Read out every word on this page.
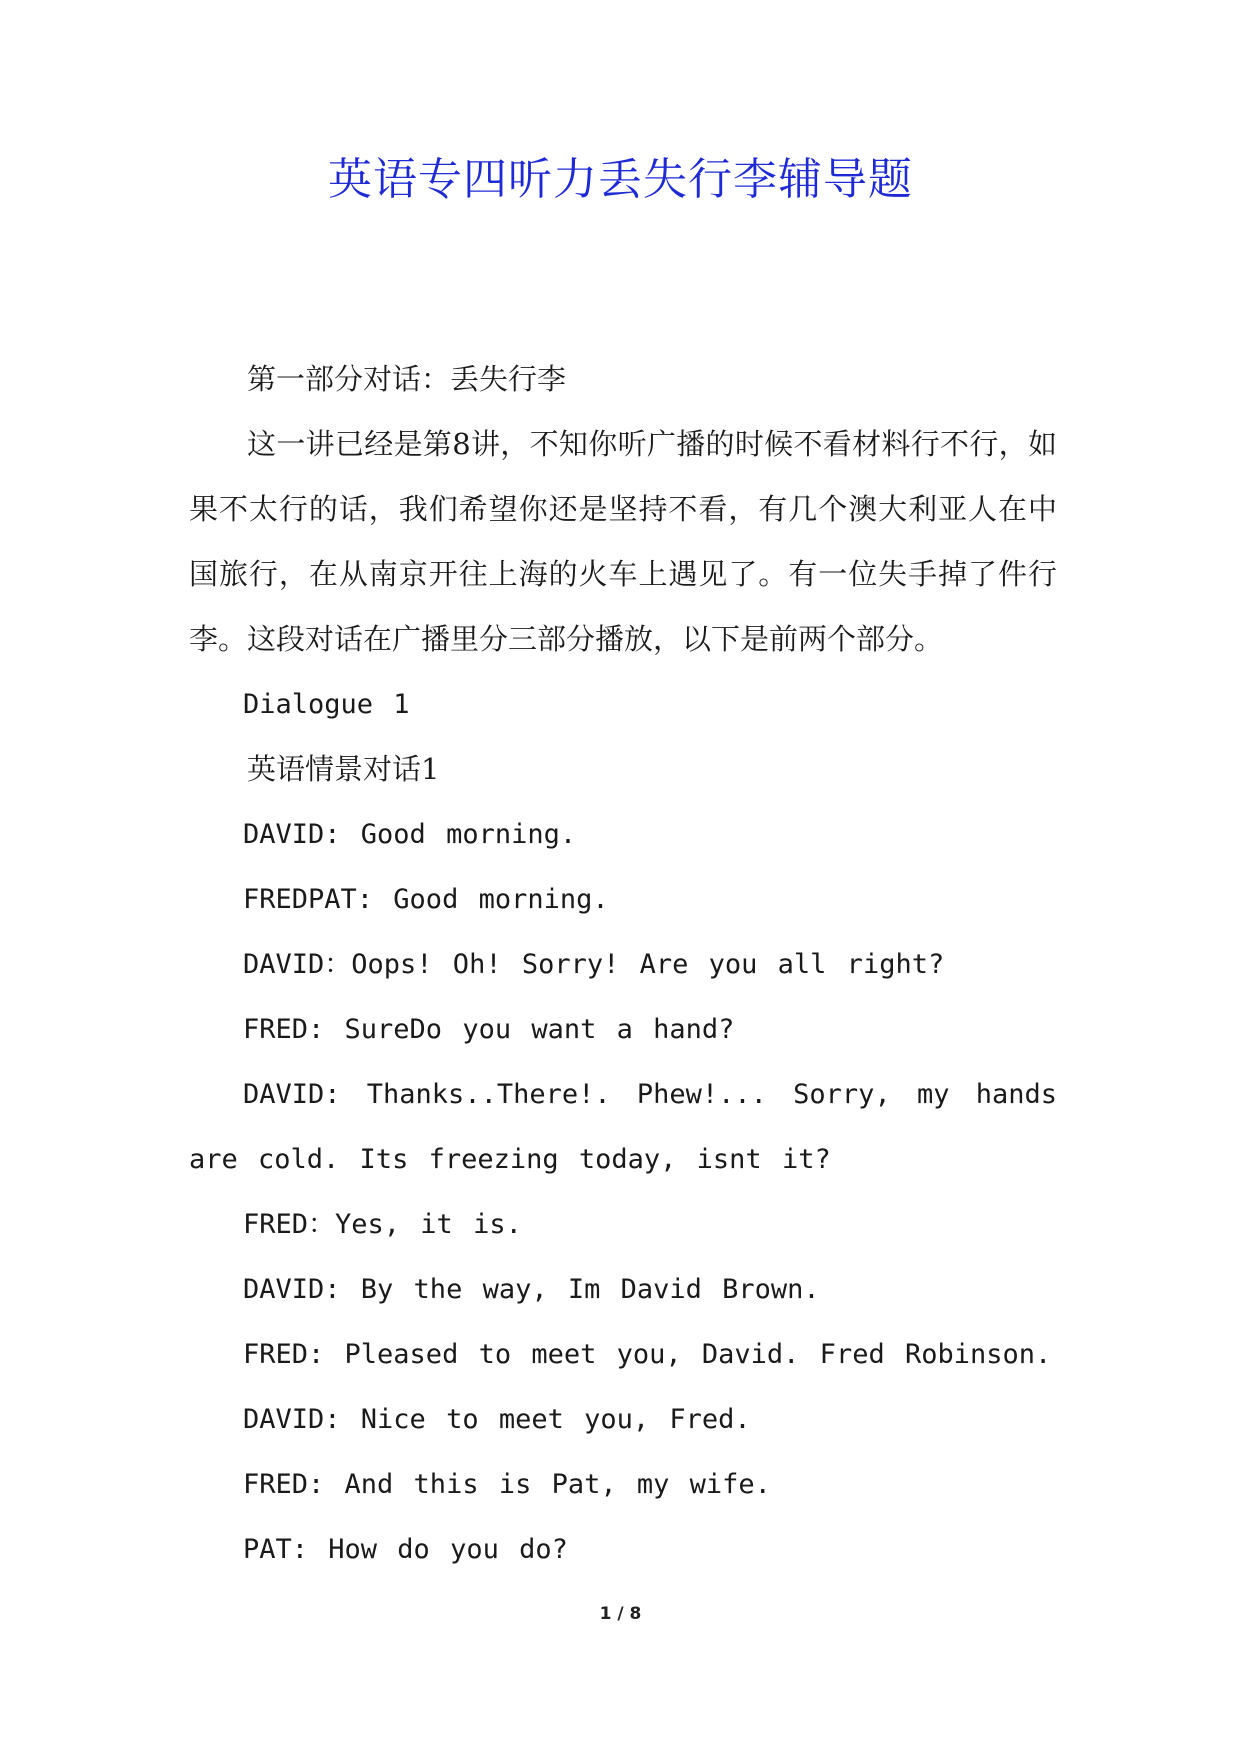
英语专四听力丢失行李辅导题

第一部分对话：丢失行李

这一讲已经是第8讲，不知你听广播的时候不看材料行不行，如果不太行的话，我们希望你还是坚持不看，有几个澳大利亚人在中国旅行，在从南京开往上海的火车上遇见了。有一位失手掉了件行李。这段对话在广播里分三部分播放，以下是前两个部分。

Dialogue 1

英语情景对话1

DAVID: Good morning.

FREDPAT: Good morning.

DAVID：Oops! Oh! Sorry! Are you all right?

FRED: SureDo you want a hand?

DAVID: Thanks..There!. Phew!... Sorry, my hands are cold. Its freezing today, isnt it?

FRED：Yes, it is.

DAVID: By the way, Im David Brown.

FRED: Pleased to meet you, David. Fred Robinson.

DAVID: Nice to meet you, Fred.

FRED: And this is Pat, my wife.

PAT: How do you do?

1 / 8
